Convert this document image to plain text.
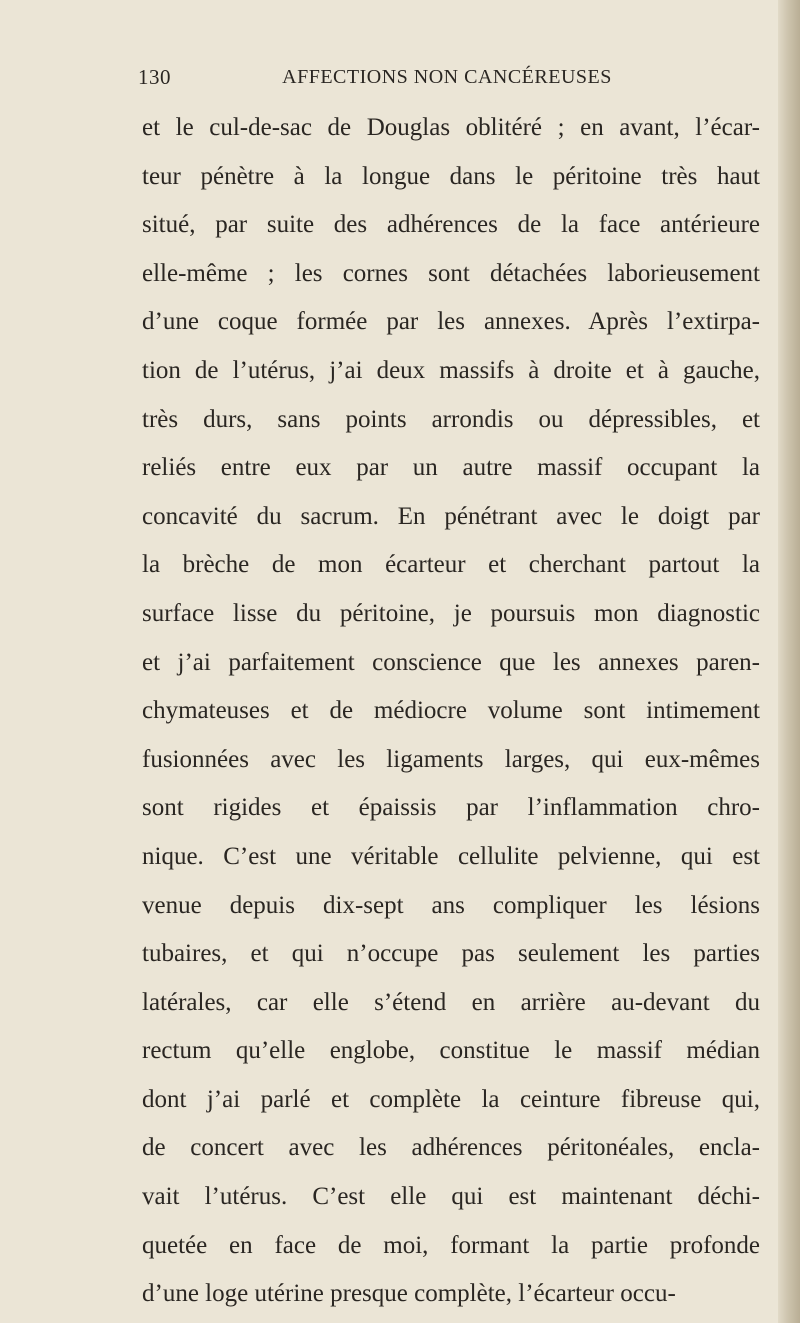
130	AFFECTIONS NON CANCÉREUSES
et le cul-de-sac de Douglas oblitéré ; en avant, l’écar-
teur pénètre à la longue dans le péritoine très haut
situé, par suite des adhérences de la face antérieure
elle-même ; les cornes sont détachées laborieusement
d’une coque formée par les annexes. Après l’extirpa-
tion de l’utérus, j’ai deux massifs à droite et à gauche,
très durs, sans points arrondis ou dépressibles, et
reliés entre eux par un autre massif occupant la
concavité du sacrum. En pénétrant avec le doigt par
la brèche de mon écarteur et cherchant partout la
surface lisse du péritoine, je poursuis mon diagnostic
et j’ai parfaitement conscience que les annexes paren-
chymateuses et de médiocre volume sont intimement
fusionnées avec les ligaments larges, qui eux-mêmes
sont rigides et épaissis par l’inflammation chro-
nique. C’est une véritable cellulite pelvienne, qui est
venue depuis dix-sept ans compliquer les lésions
tubaires, et qui n’occupe pas seulement les parties
latérales, car elle s’étend en arrière au-devant du
rectum qu’elle englobe, constitue le massif médian
dont j’ai parlé et complète la ceinture fibreuse qui,
de concert avec les adhérences péritonéales, encla-
vait l’utérus. C’est elle qui est maintenant déchi-
quetée en face de moi, formant la partie profonde
d’une loge utérine presque complète, l’écarteur occu-
